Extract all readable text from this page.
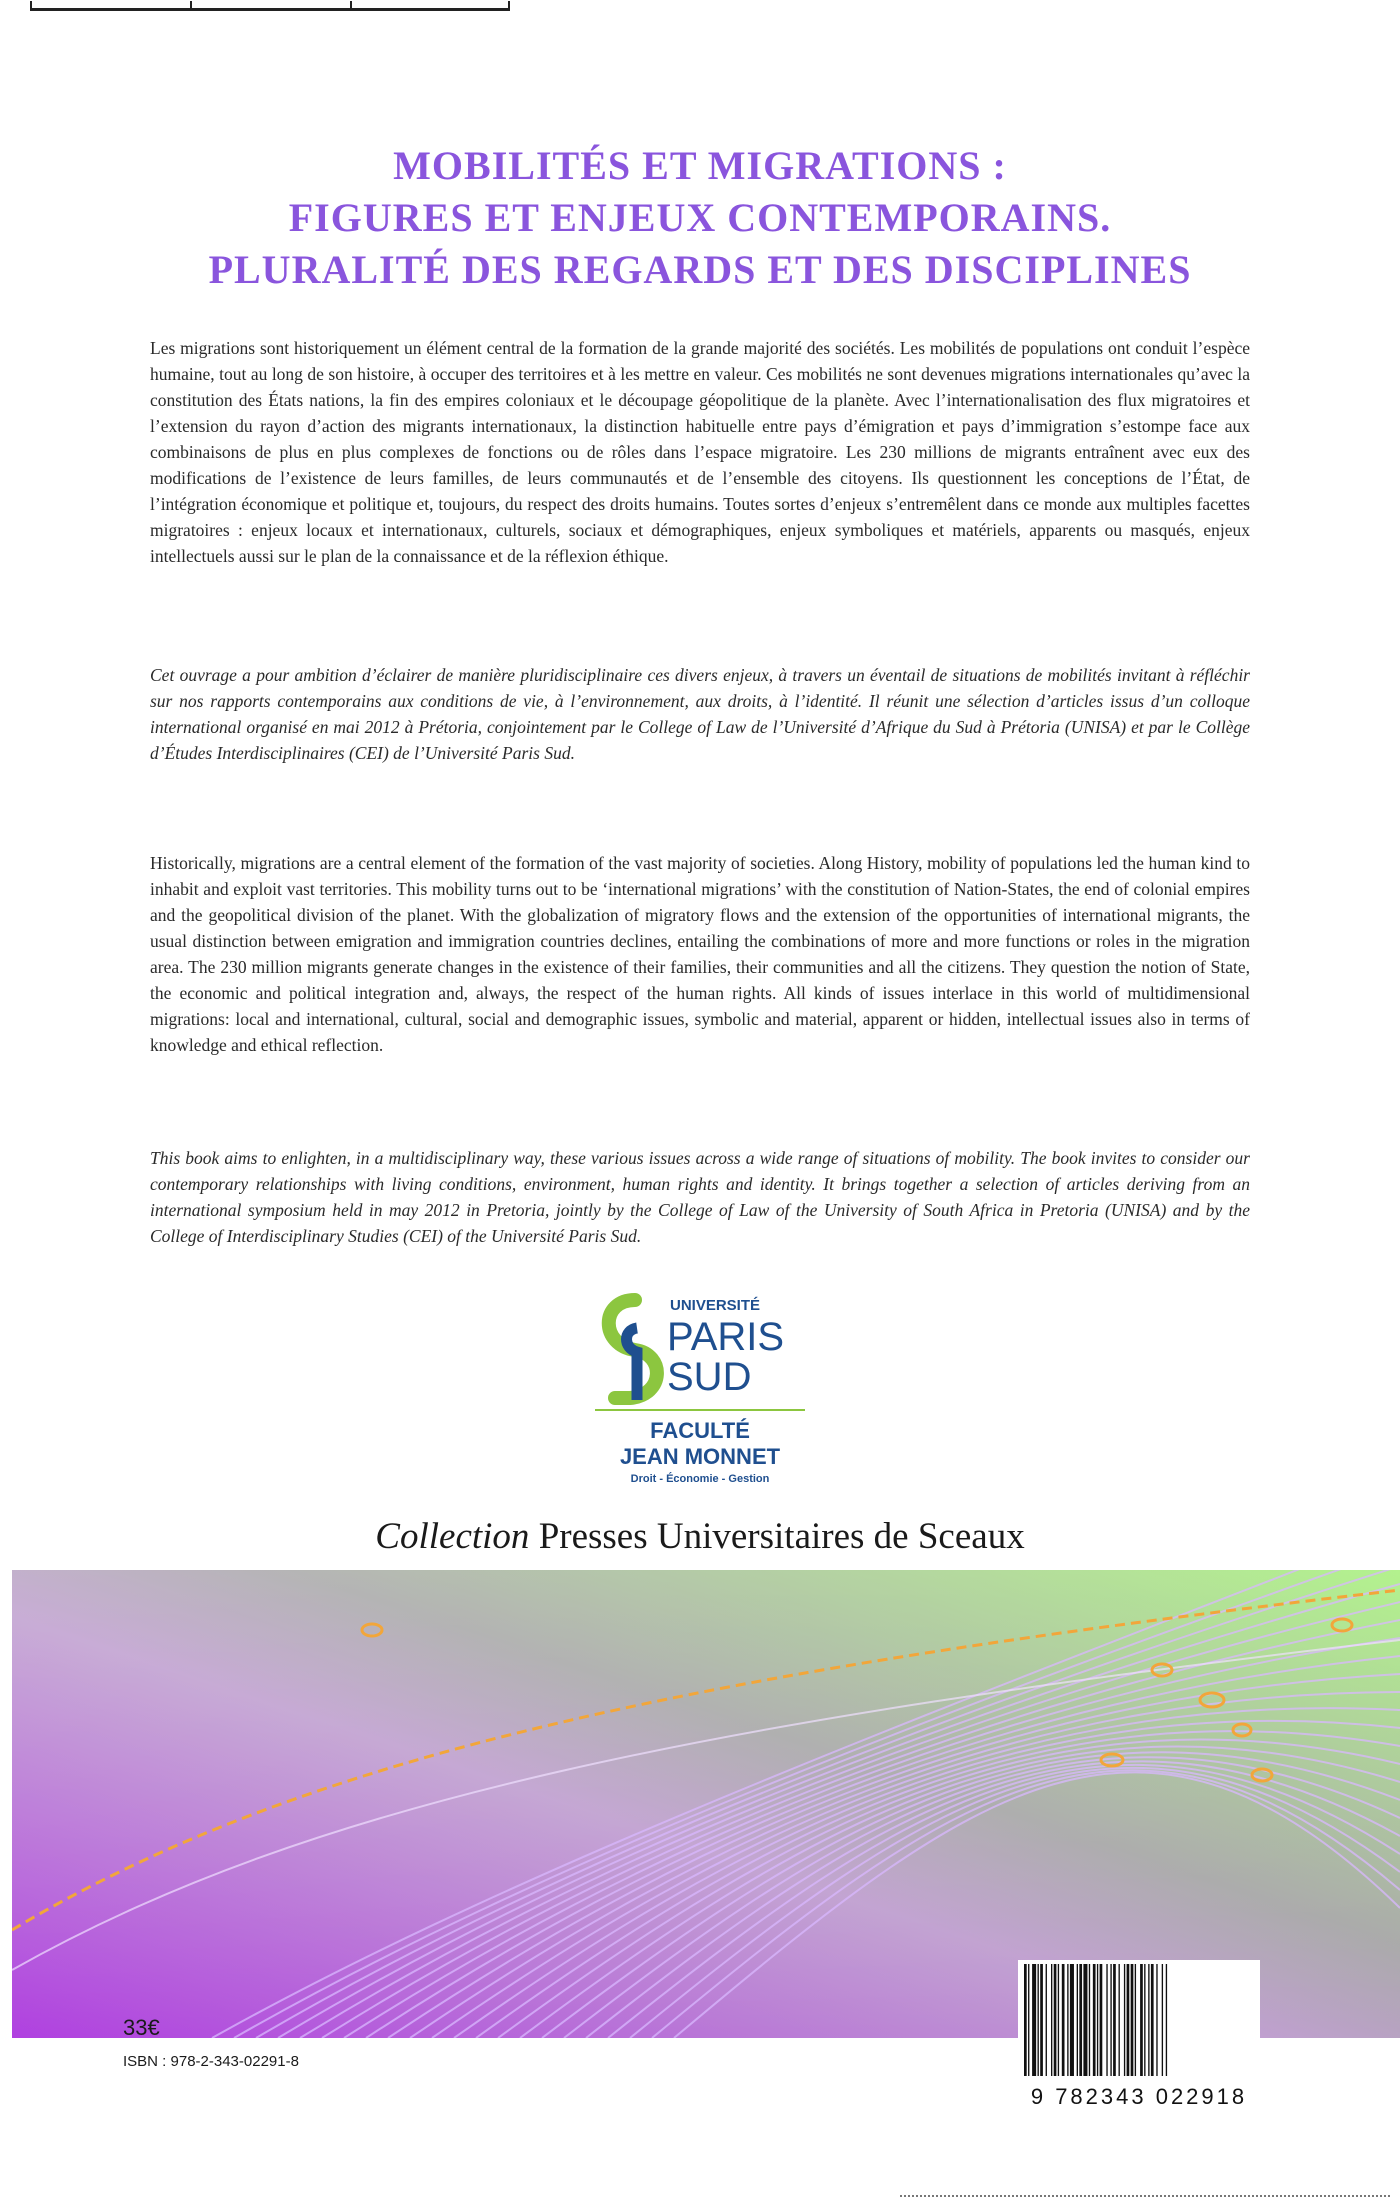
MOBILITÉS ET MIGRATIONS :
FIGURES ET ENJEUX CONTEMPORAINS.
PLURALITÉ DES REGARDS ET DES DISCIPLINES

Les migrations sont historiquement un élément central de la formation de la grande majorité des sociétés. Les mobilités de populations ont conduit l’espèce humaine, tout au long de son histoire, à occuper des territoires et à les mettre en valeur. Ces mobilités ne sont devenues migrations internationales qu’avec la constitution des États nations, la fin des empires coloniaux et le découpage géopolitique de la planète. Avec l’internationalisation des flux migratoires et l’extension du rayon d’action des migrants internationaux, la distinction habituelle entre pays d’émigration et pays d’immigration s’estompe face aux combinaisons de plus en plus complexes de fonctions ou de rôles dans l’espace migratoire. Les 230 millions de migrants entraînent avec eux des modifications de l’existence de leurs familles, de leurs communautés et de l’ensemble des citoyens. Ils questionnent les conceptions de l’État, de l’intégration économique et politique et, toujours, du respect des droits humains. Toutes sortes d’enjeux s’entremêlent dans ce monde aux multiples facettes migratoires : enjeux locaux et internationaux, culturels, sociaux et démographiques, enjeux symboliques et matériels, apparents ou masqués, enjeux intellectuels aussi sur le plan de la connaissance et de la réflexion éthique.

Cet ouvrage a pour ambition d’éclairer de manière pluridisciplinaire ces divers enjeux, à travers un éventail de situations de mobilités invitant à réfléchir sur nos rapports contemporains aux conditions de vie, à l’environnement, aux droits, à l’identité. Il réunit une sélection d’articles issus d’un colloque international organisé en mai 2012 à Prétoria, conjointement par le College of Law de l’Université d’Afrique du Sud à Prétoria (UNISA) et par le Collège d’Études Interdisciplinaires (CEI) de l’Université Paris Sud.

Historically, migrations are a central element of the formation of the vast majority of societies. Along History, mobility of populations led the human kind to inhabit and exploit vast territories. This mobility turns out to be ‘international migrations’ with the constitution of Nation-States, the end of colonial empires and the geopolitical division of the planet. With the globalization of migratory flows and the extension of the opportunities of international migrants, the usual distinction between emigration and immigration countries declines, entailing the combinations of more and more functions or roles in the migration area. The 230 million migrants generate changes in the existence of their families, their communities and all the citizens. They question the notion of State, the economic and political integration and, always, the respect of the human rights. All kinds of issues interlace in this world of multidimensional migrations: local and international, cultural, social and demographic issues, symbolic and material, apparent or hidden, intellectual issues also in terms of knowledge and ethical reflection.

This book aims to enlighten, in a multidisciplinary way, these various issues across a wide range of situations of mobility. The book invites to consider our contemporary relationships with living conditions, environment, human rights and identity. It brings together a selection of articles deriving from an international symposium held in may 2012 in Pretoria, jointly by the College of Law of the University of South Africa in Pretoria (UNISA) and by the College of Interdisciplinary Studies (CEI) of the Université Paris Sud.

UNIVERSITÉ
PARIS
SUD
FACULTÉ
JEAN MONNET
Droit - Économie - Gestion
Collection Presses Universitaires de Sceaux
9 782343 022918
33€
ISBN : 978-2-343-02291-8
